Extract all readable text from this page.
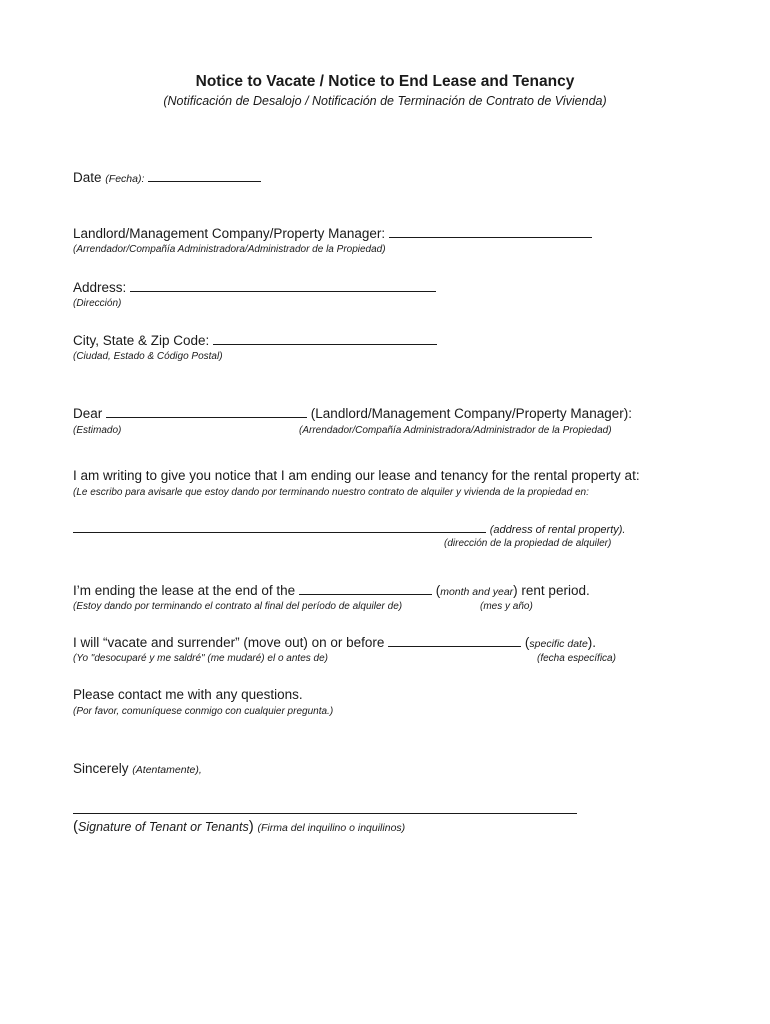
Notice to Vacate / Notice to End Lease and Tenancy
(Notificación de Desalojo / Notificación de Terminación de Contrato de Vivienda)
Date (Fecha):
Landlord/Management Company/Property Manager:
(Arrendador/Compañía Administradora/Administrador de la Propiedad)
Address:
(Dirección)
City, State & Zip Code:
(Ciudad, Estado & Código Postal)
Dear	(Landlord/Management Company/Property Manager):
(Estimado)	(Arrendador/Compañía Administradora/Administrador de la Propiedad)
I am writing to give you notice that I am ending our lease and tenancy for the rental property at:
(Le escribo para avisarle que estoy dando por terminando nuestro contrato de alquiler y vivienda de la propiedad en:
(address of rental property).
(dirección de la propiedad de alquiler)
I’m ending the lease at the end of the	(month and year) rent period.
(Estoy dando por terminando el contrato al final del período de alquiler de)	(mes y año)
I will “vacate and surrender” (move out) on or before	(specific date).
(Yo "desocuparé y me saldré" (me mudaré) el o antes de)	(fecha específica)
Please contact me with any questions.
(Por favor, comuníquese conmigo con cualquier pregunta.)
Sincerely (Atentamente),
(Signature of Tenant or Tenants) (Firma del inquilino o inquilinos)
